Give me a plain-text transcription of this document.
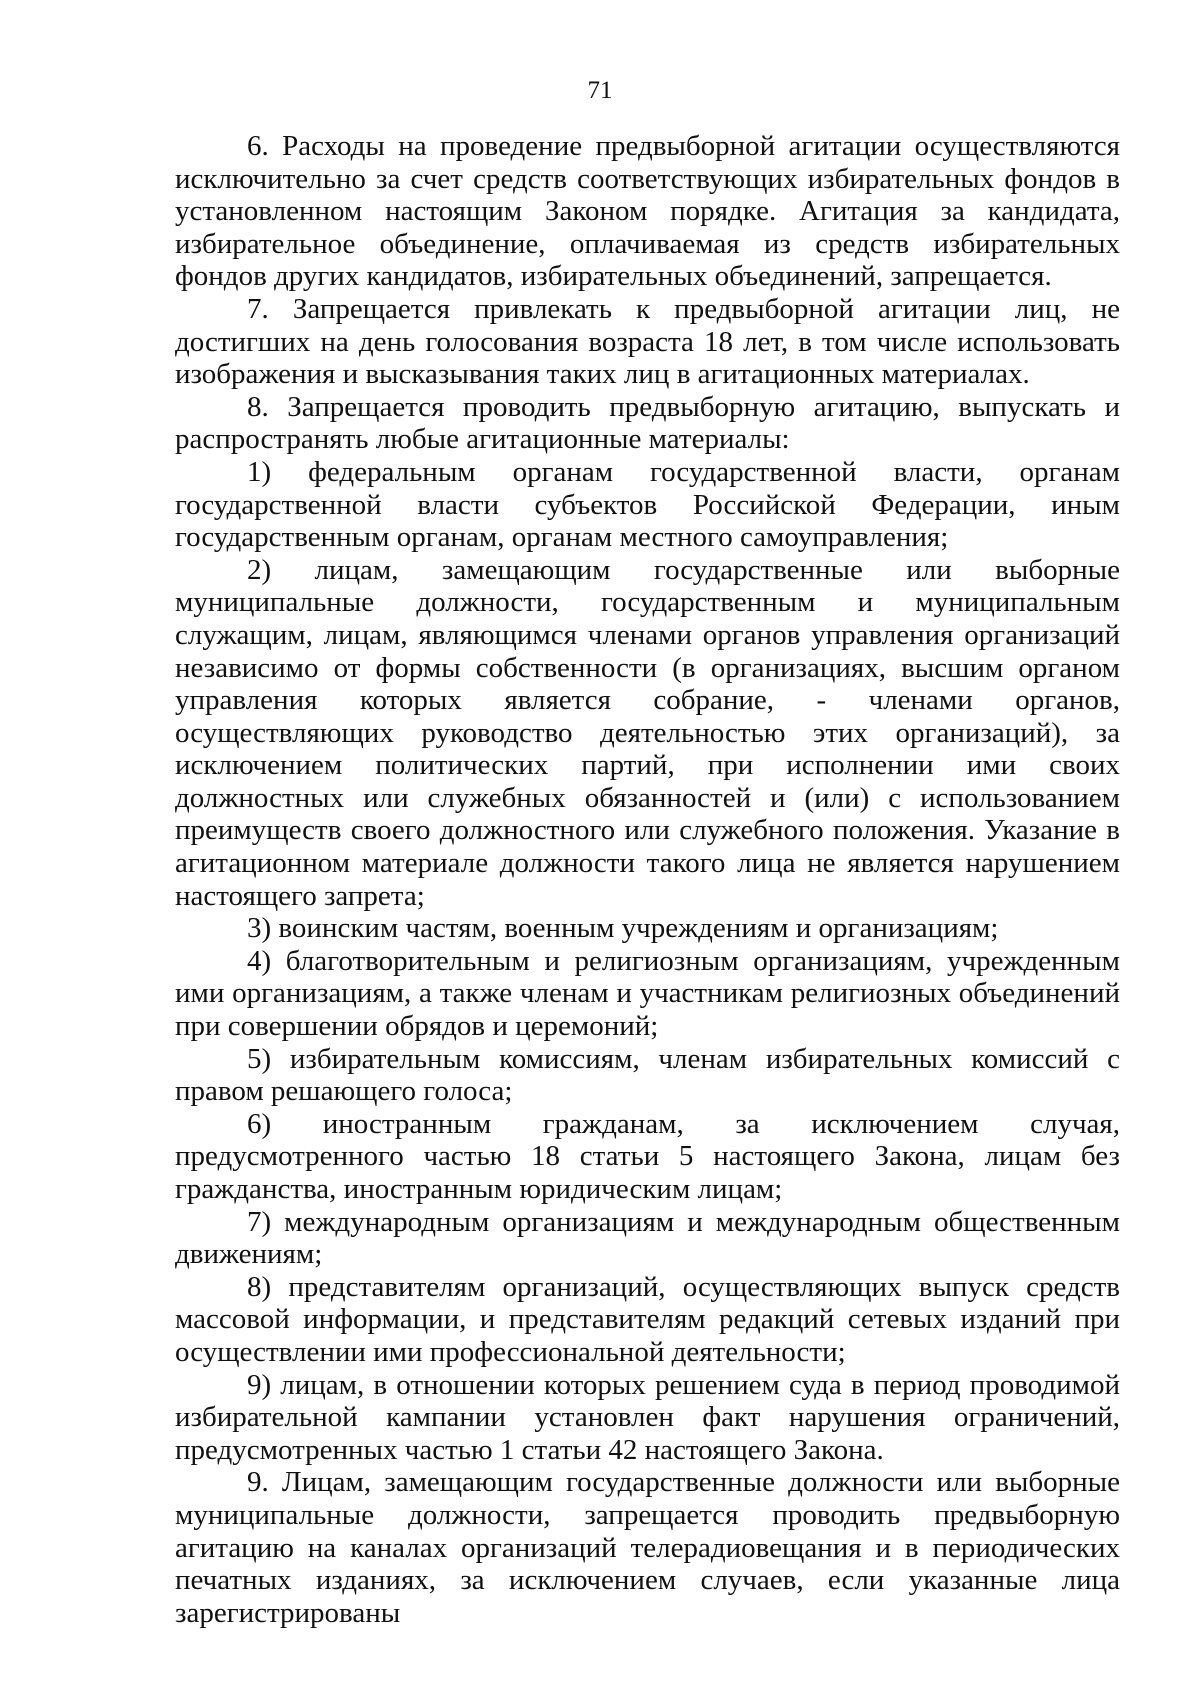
71

6. Расходы на проведение предвыборной агитации осуществляются исключительно за счет средств соответствующих избирательных фондов в установленном настоящим Законом порядке. Агитация за кандидата, избирательное объединение, оплачиваемая из средств избирательных фондов других кандидатов, избирательных объединений, запрещается.

7. Запрещается привлекать к предвыборной агитации лиц, не достигших на день голосования возраста 18 лет, в том числе использовать изображения и высказывания таких лиц в агитационных материалах.

8. Запрещается проводить предвыборную агитацию, выпускать и распространять любые агитационные материалы:

1) федеральным органам государственной власти, органам государственной власти субъектов Российской Федерации, иным государственным органам, органам местного самоуправления;

2) лицам, замещающим государственные или выборные муниципальные должности, государственным и муниципальным служащим, лицам, являющимся членами органов управления организаций независимо от формы собственности (в организациях, высшим органом управления которых является собрание, - членами органов, осуществляющих руководство деятельностью этих организаций), за исключением политических партий, при исполнении ими своих должностных или служебных обязанностей и (или) с использованием преимуществ своего должностного или служебного положения. Указание в агитационном материале должности такого лица не является нарушением настоящего запрета;

3) воинским частям, военным учреждениям и организациям;

4) благотворительным и религиозным организациям, учрежденным ими организациям, а также членам и участникам религиозных объединений при совершении обрядов и церемоний;

5) избирательным комиссиям, членам избирательных комиссий с правом решающего голоса;

6) иностранным гражданам, за исключением случая, предусмотренного частью 18 статьи 5 настоящего Закона, лицам без гражданства, иностранным юридическим лицам;

7) международным организациям и международным общественным движениям;

8) представителям организаций, осуществляющих выпуск средств массовой информации, и представителям редакций сетевых изданий при осуществлении ими профессиональной деятельности;

9) лицам, в отношении которых решением суда в период проводимой избирательной кампании установлен факт нарушения ограничений, предусмотренных частью 1 статьи 42 настоящего Закона.

9. Лицам, замещающим государственные должности или выборные муниципальные должности, запрещается проводить предвыборную агитацию на каналах организаций телерадиовещания и в периодических печатных изданиях, за исключением случаев, если указанные лица зарегистрированы
